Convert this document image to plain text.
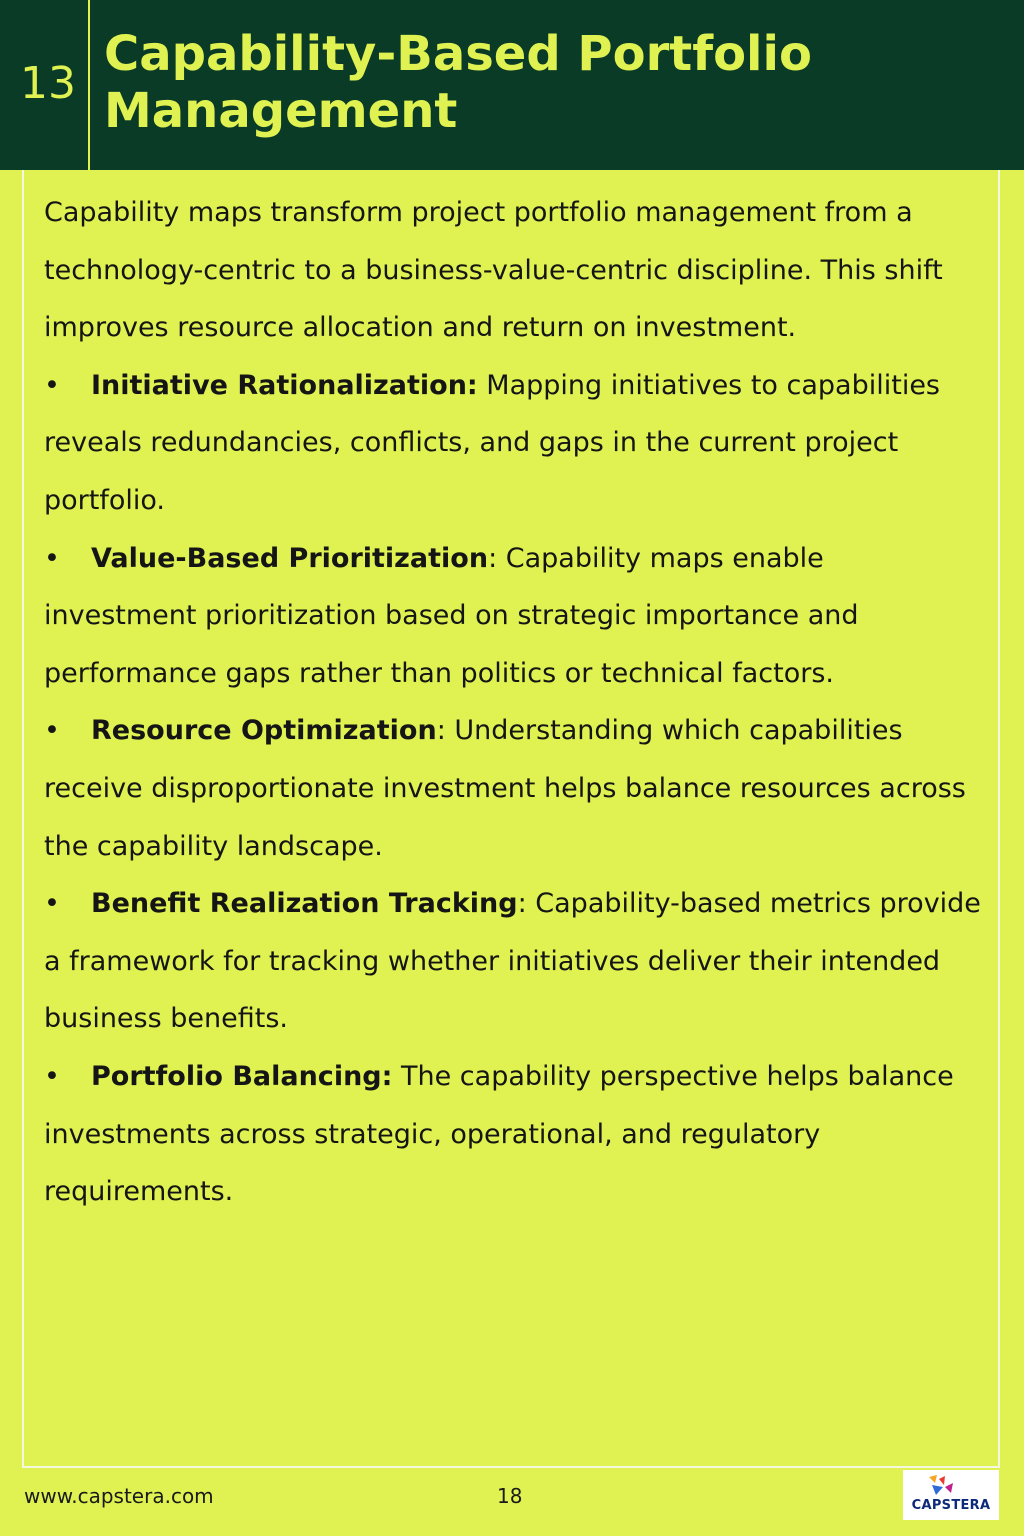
13
Capability-Based Portfolio
Management
Capability maps transform project portfolio management from a technology-centric to a business-value-centric discipline. This shift improves resource allocation and return on investment.
• Initiative Rationalization: Mapping initiatives to capabilities reveals redundancies, conflicts, and gaps in the current project portfolio.
• Value-Based Prioritization: Capability maps enable investment prioritization based on strategic importance and performance gaps rather than politics or technical factors.
• Resource Optimization: Understanding which capabilities receive disproportionate investment helps balance resources across the capability landscape.
• Benefit Realization Tracking: Capability-based metrics provide a framework for tracking whether initiatives deliver their intended business benefits.
• Portfolio Balancing: The capability perspective helps balance investments across strategic, operational, and regulatory requirements.
www.capstera.com	18	CAPSTERA
